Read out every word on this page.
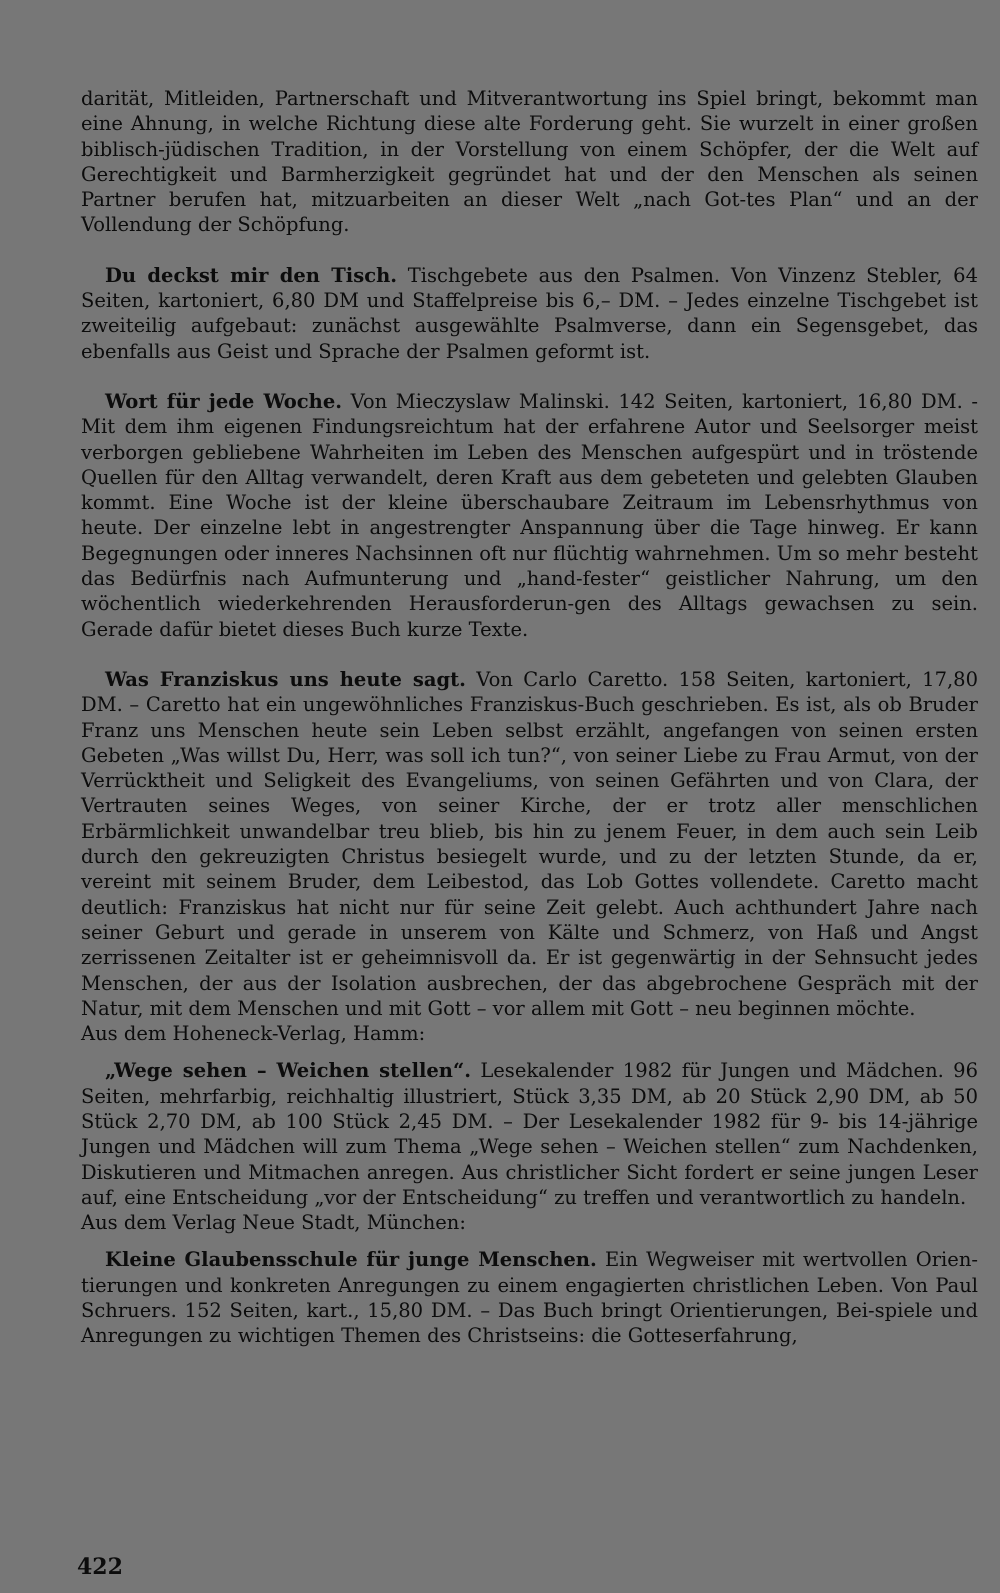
darität, Mitleiden, Partnerschaft und Mitverantwortung ins Spiel bringt, bekommt man eine Ahnung, in welche Richtung diese alte Forderung geht. Sie wurzelt in einer großen biblisch-jüdischen Tradition, in der Vorstellung von einem Schöpfer, der die Welt auf Gerechtigkeit und Barmherzigkeit gegründet hat und der den Menschen als seinen Partner berufen hat, mitzuarbeiten an dieser Welt „nach Got-tes Plan“ und an der Vollendung der Schöpfung.

Du deckst mir den Tisch. Tischgebete aus den Psalmen. Von Vinzenz Stebler, 64 Seiten, kartoniert, 6,80 DM und Staffelpreise bis 6,– DM. – Jedes einzelne Tischgebet ist zweiteilig aufgebaut: zunächst ausgewählte Psalmverse, dann ein Segensgebet, das ebenfalls aus Geist und Sprache der Psalmen geformt ist.

Wort für jede Woche. Von Mieczyslaw Malinski. 142 Seiten, kartoniert, 16,80 DM. - Mit dem ihm eigenen Findungsreichtum hat der erfahrene Autor und Seelsorger meist verborgen gebliebene Wahrheiten im Leben des Menschen aufgespürt und in tröstende Quellen für den Alltag verwandelt, deren Kraft aus dem gebeteten und gelebten Glauben kommt. Eine Woche ist der kleine überschaubare Zeitraum im Lebensrhythmus von heute. Der einzelne lebt in angestrengter Anspannung über die Tage hinweg. Er kann Begegnungen oder inneres Nachsinnen oft nur flüchtig wahrnehmen. Um so mehr besteht das Bedürfnis nach Aufmunterung und „hand-fester“ geistlicher Nahrung, um den wöchentlich wiederkehrenden Herausforderun-gen des Alltags gewachsen zu sein. Gerade dafür bietet dieses Buch kurze Texte.

Was Franziskus uns heute sagt. Von Carlo Caretto. 158 Seiten, kartoniert, 17,80 DM. – Caretto hat ein ungewöhnliches Franziskus-Buch geschrieben. Es ist, als ob Bruder Franz uns Menschen heute sein Leben selbst erzählt, angefangen von seinen ersten Gebeten „Was willst Du, Herr, was soll ich tun?“, von seiner Liebe zu Frau Armut, von der Verrücktheit und Seligkeit des Evangeliums, von seinen Gefährten und von Clara, der Vertrauten seines Weges, von seiner Kirche, der er trotz aller menschlichen Erbärmlichkeit unwandelbar treu blieb, bis hin zu jenem Feuer, in dem auch sein Leib durch den gekreuzigten Christus besiegelt wurde, und zu der letzten Stunde, da er, vereint mit seinem Bruder, dem Leibestod, das Lob Gottes vollendete. Caretto macht deutlich: Franziskus hat nicht nur für seine Zeit gelebt. Auch achthundert Jahre nach seiner Geburt und gerade in unserem von Kälte und Schmerz, von Haß und Angst zerrissenen Zeitalter ist er geheimnisvoll da. Er ist gegenwärtig in der Sehnsucht jedes Menschen, der aus der Isolation ausbrechen, der das abgebrochene Gespräch mit der Natur, mit dem Menschen und mit Gott – vor allem mit Gott – neu beginnen möchte.

Aus dem Hoheneck-Verlag, Hamm:

„Wege sehen – Weichen stellen“. Lesekalender 1982 für Jungen und Mädchen. 96 Seiten, mehrfarbig, reichhaltig illustriert, Stück 3,35 DM, ab 20 Stück 2,90 DM, ab 50 Stück 2,70 DM, ab 100 Stück 2,45 DM. – Der Lesekalender 1982 für 9- bis 14-jährige Jungen und Mädchen will zum Thema „Wege sehen – Weichen stellen“ zum Nachdenken, Diskutieren und Mitmachen anregen. Aus christlicher Sicht fordert er seine jungen Leser auf, eine Entscheidung „vor der Entscheidung“ zu treffen und verantwortlich zu handeln.

Aus dem Verlag Neue Stadt, München:

Kleine Glaubensschule für junge Menschen. Ein Wegweiser mit wertvollen Orien-tierungen und konkreten Anregungen zu einem engagierten christlichen Leben. Von Paul Schruers. 152 Seiten, kart., 15,80 DM. – Das Buch bringt Orientierungen, Bei-spiele und Anregungen zu wichtigen Themen des Christseins: die Gotteserfahrung,

422
